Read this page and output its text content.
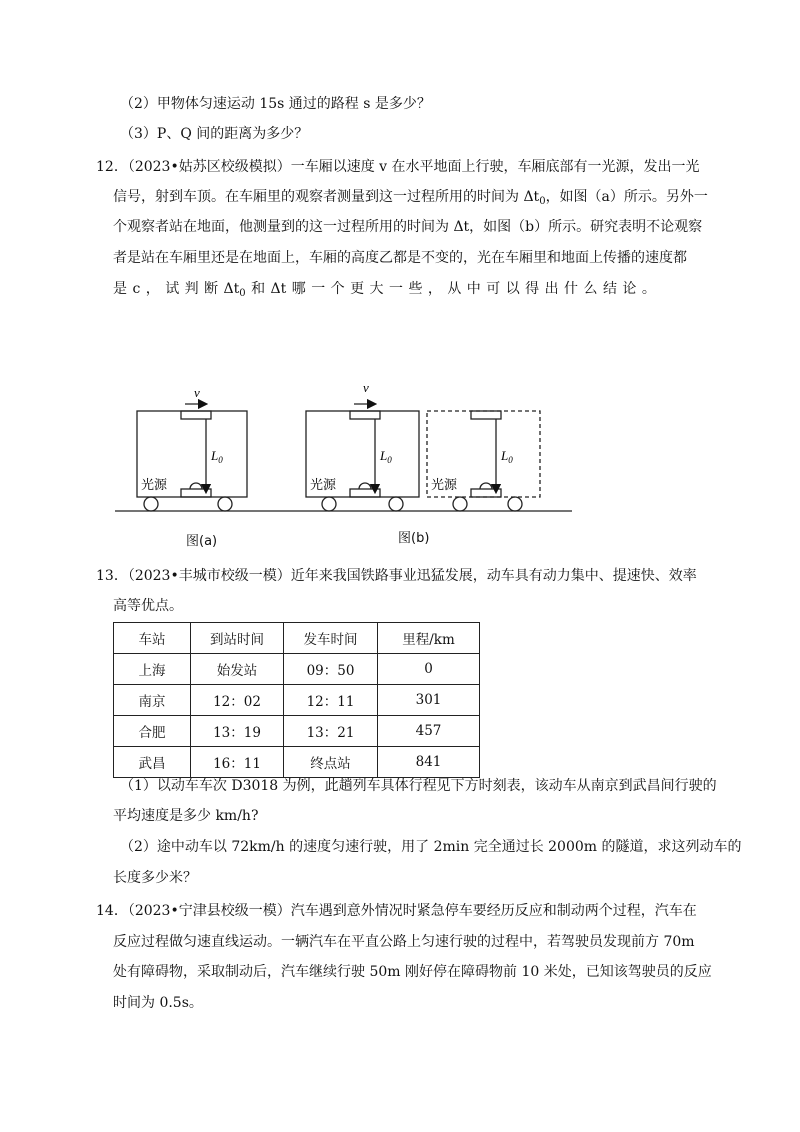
（2）甲物体匀速运动 15s 通过的路程 s 是多少？
（3）P、Q 间的距离为多少？
12．（2023•姑苏区校级模拟）一车厢以速度 v 在水平地面上行驶，车厢底部有一光源，发出一光
信号，射到车顶。在车厢里的观察者测量到这一过程所用的时间为 $\Delta t_0$，如图（a）所示。另外一
个观察者站在地面，他测量到的这一过程所用的时间为 Δt，如图（b）所示。研究表明不论观察
者是站在车厢里还是在地面上，车厢的高度乙都是不变的，光在车厢里和地面上传播的速度都
是 c ， 试 判 断 $\Delta t_0$ 和 Δt 哪 一 个 更 大 一 些 ， 从 中 可 以 得 出 什 么 结 论 。
v
$L_0$
光源
v
$L_0$
光源
$L_0$
光源
图(a)	图(b)
13．（2023•丰城市校级一模）近年来我国铁路事业迅猛发展，动车具有动力集中、提速快、效率
高等优点。
车站	到站时间	发车时间	里程/km
上海	始发站	09：50	0
南京	12：02	12：11	301
合肥	13：19	13：21	457
武昌	16：11	终点站	841
（1）以动车车次 D3018 为例，此趟列车具体行程见下方时刻表，该动车从南京到武昌间行驶的
平均速度是多少 km/h?
（2）途中动车以 72km/h 的速度匀速行驶，用了 2min 完全通过长 2000m 的隧道，求这列动车的
长度多少米？
14．（2023•宁津县校级一模）汽车遇到意外情况时紧急停车要经历反应和制动两个过程，汽车在
反应过程做匀速直线运动。一辆汽车在平直公路上匀速行驶的过程中，若驾驶员发现前方 70m
处有障碍物，采取制动后，汽车继续行驶 50m 刚好停在障碍物前 10 米处，已知该驾驶员的反应
时间为 0.5s。
